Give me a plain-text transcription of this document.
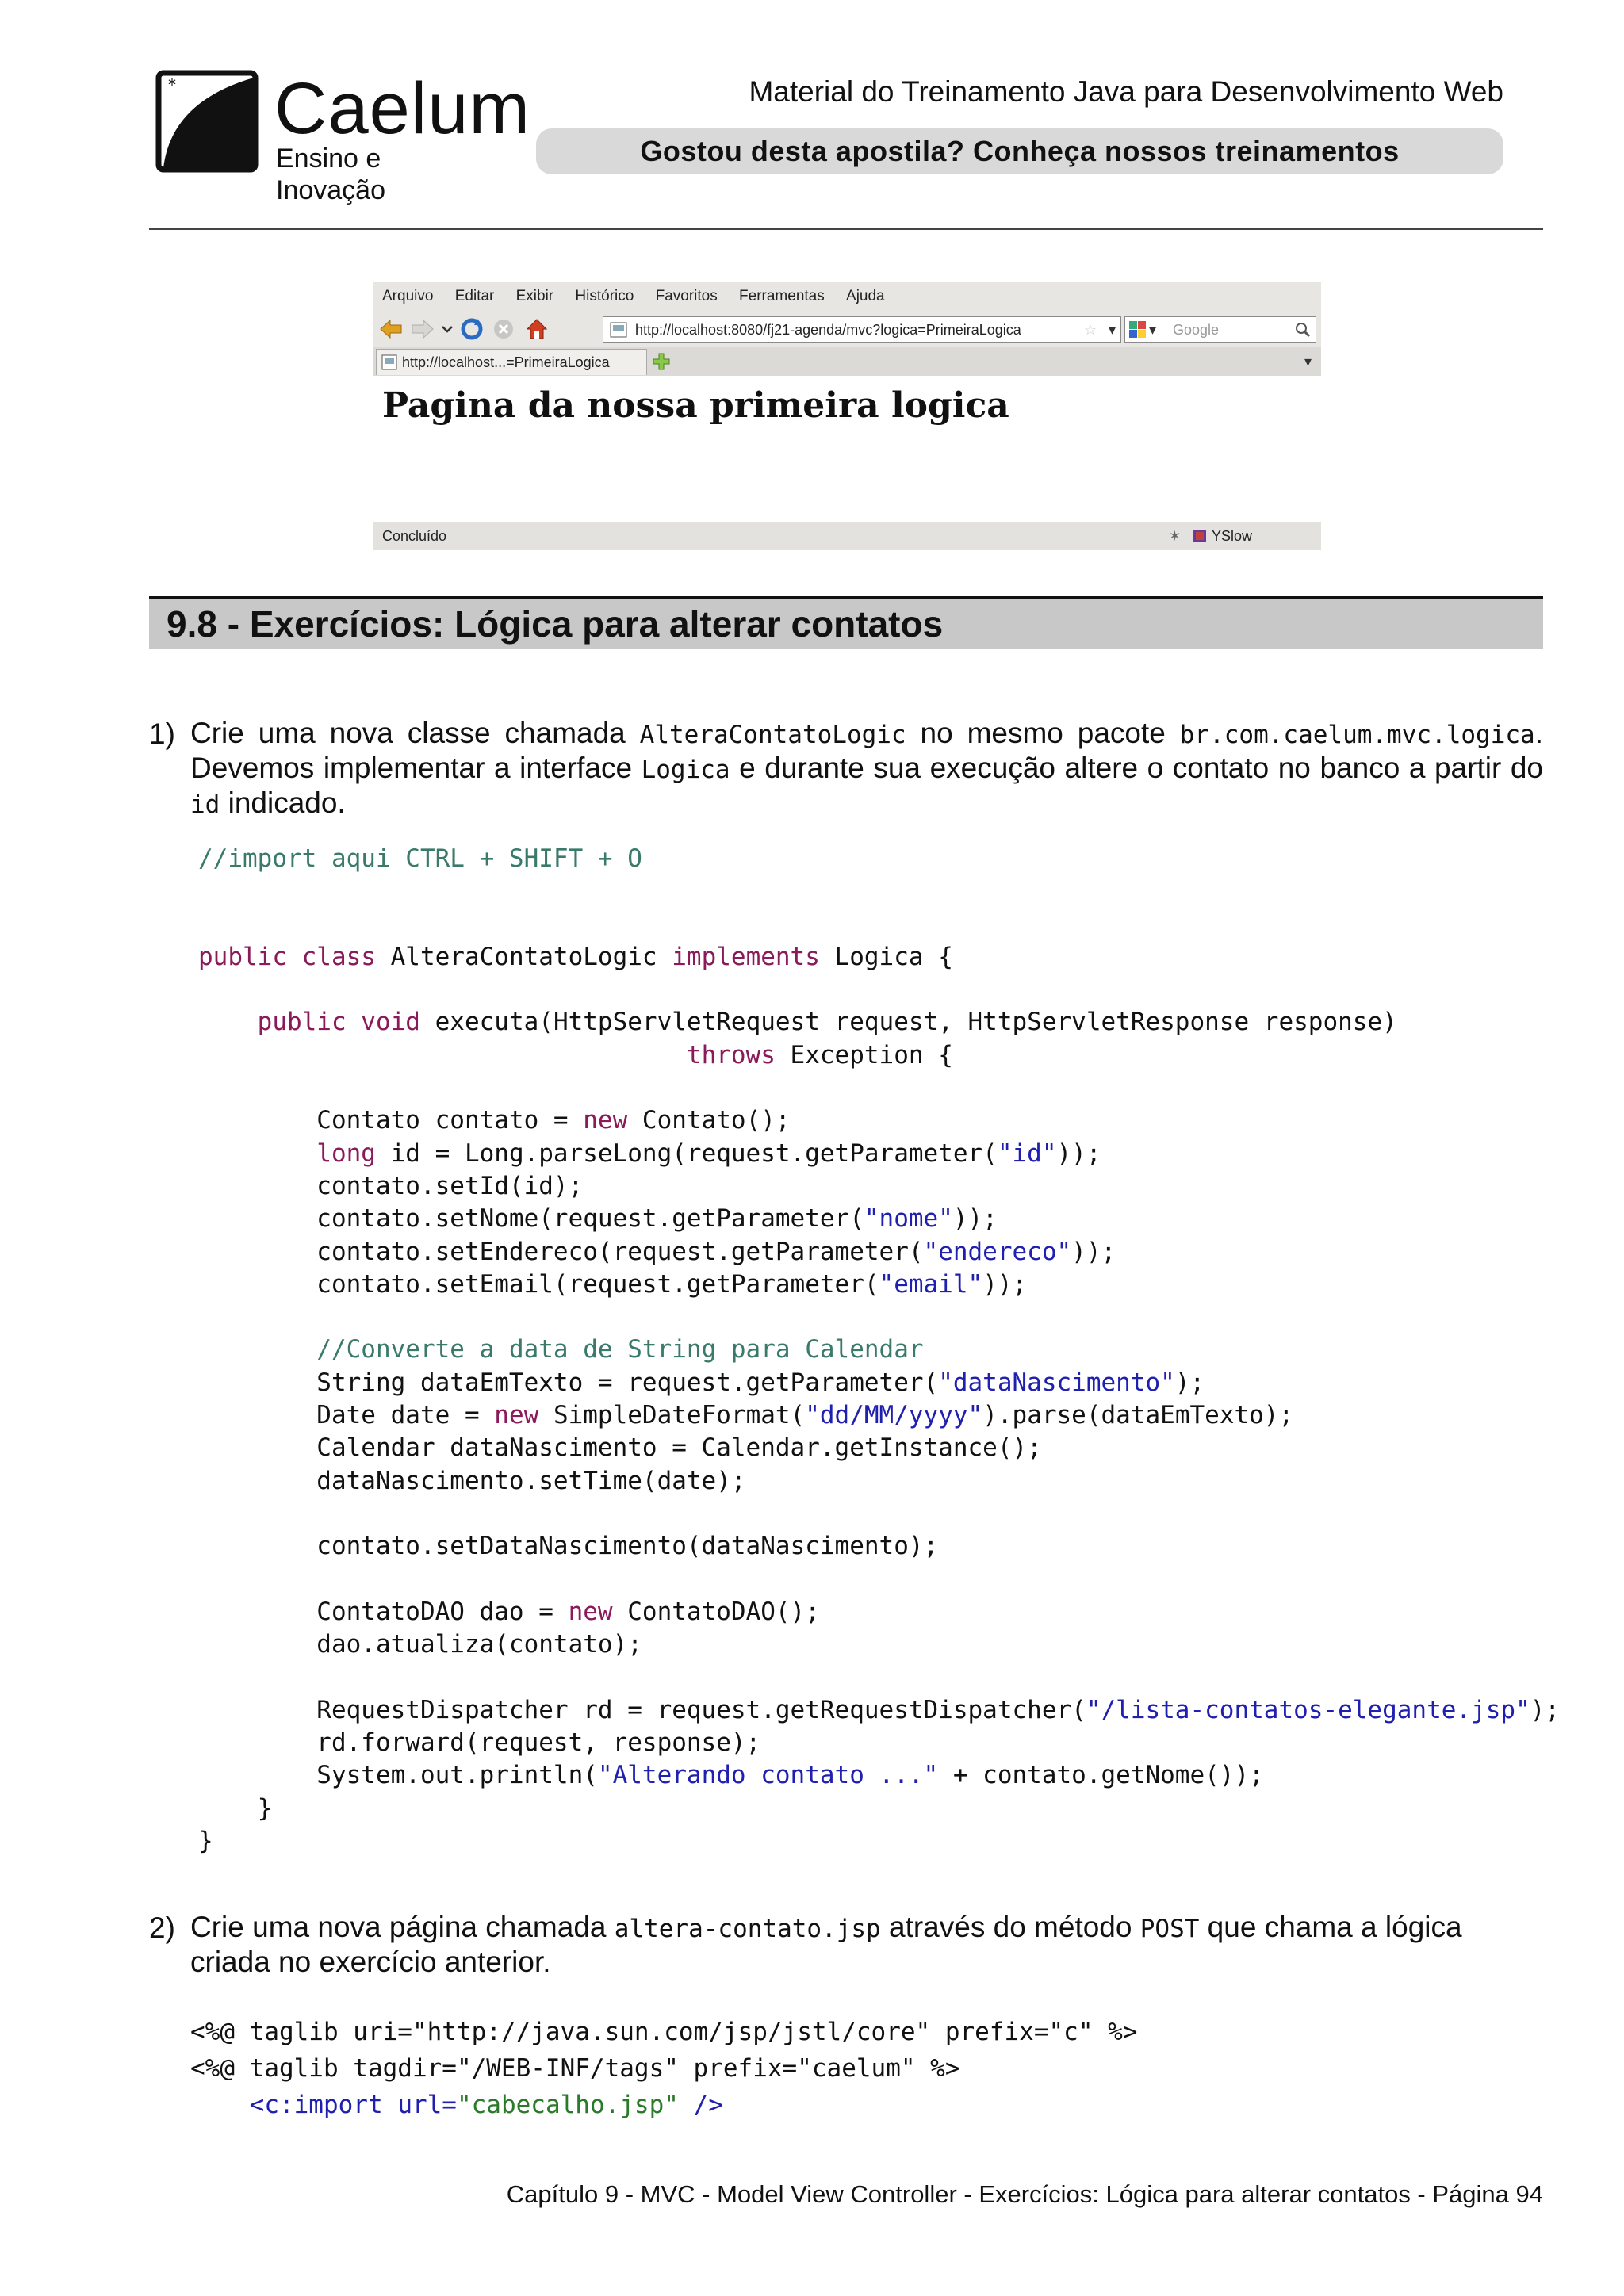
* Caelum
Ensino e Inovação
Material do Treinamento Java para Desenvolvimento Web
Gostou desta apostila? Conheça nossos treinamentos
Arquivo Editar Exibir Histórico Favoritos Ferramentas Ajuda
http://localhost:8080/fj21-agenda/mvc?logica=PrimeiraLogica	☆ ▾ ▾ Google
http://localhost...=PrimeiraLogica	▾
Pagina da nossa primeira logica
Concluído	✶ YSlow
9.8 - Exercícios: Lógica para alterar contatos
1) Crie uma nova classe chamada AlteraContatoLogic no mesmo pacote br.com.caelum.mvc.logica. Devemos implementar a interface Logica e durante sua execução altere o contato no banco a partir do id indicado.
//import aqui CTRL + SHIFT + O

public class AlteraContatoLogic implements Logica {

public void executa(HttpServletRequest request, HttpServletResponse response)
throws Exception {

Contato contato = new Contato();
long id = Long.parseLong(request.getParameter("id"));
contato.setId(id);
contato.setNome(request.getParameter("nome"));
contato.setEndereco(request.getParameter("endereco"));
contato.setEmail(request.getParameter("email"));

//Converte a data de String para Calendar
String dataEmTexto = request.getParameter("dataNascimento");
Date date = new SimpleDateFormat("dd/MM/yyyy").parse(dataEmTexto);
Calendar dataNascimento = Calendar.getInstance();
dataNascimento.setTime(date);

contato.setDataNascimento(dataNascimento);

ContatoDAO dao = new ContatoDAO();
dao.atualiza(contato);

RequestDispatcher rd = request.getRequestDispatcher("/lista-contatos-elegante.jsp");
rd.forward(request, response);
System.out.println("Alterando contato ..." + contato.getNome());
}
}
2) Crie uma nova página chamada altera-contato.jsp através do método POST que chama a lógica criada no exercício anterior.
<%@ taglib uri="http://java.sun.com/jsp/jstl/core" prefix="c" %>
<%@ taglib tagdir="/WEB-INF/tags" prefix="caelum" %>
<c:import url="cabecalho.jsp" />
Capítulo 9 - MVC - Model View Controller - Exercícios: Lógica para alterar contatos - Página 94
